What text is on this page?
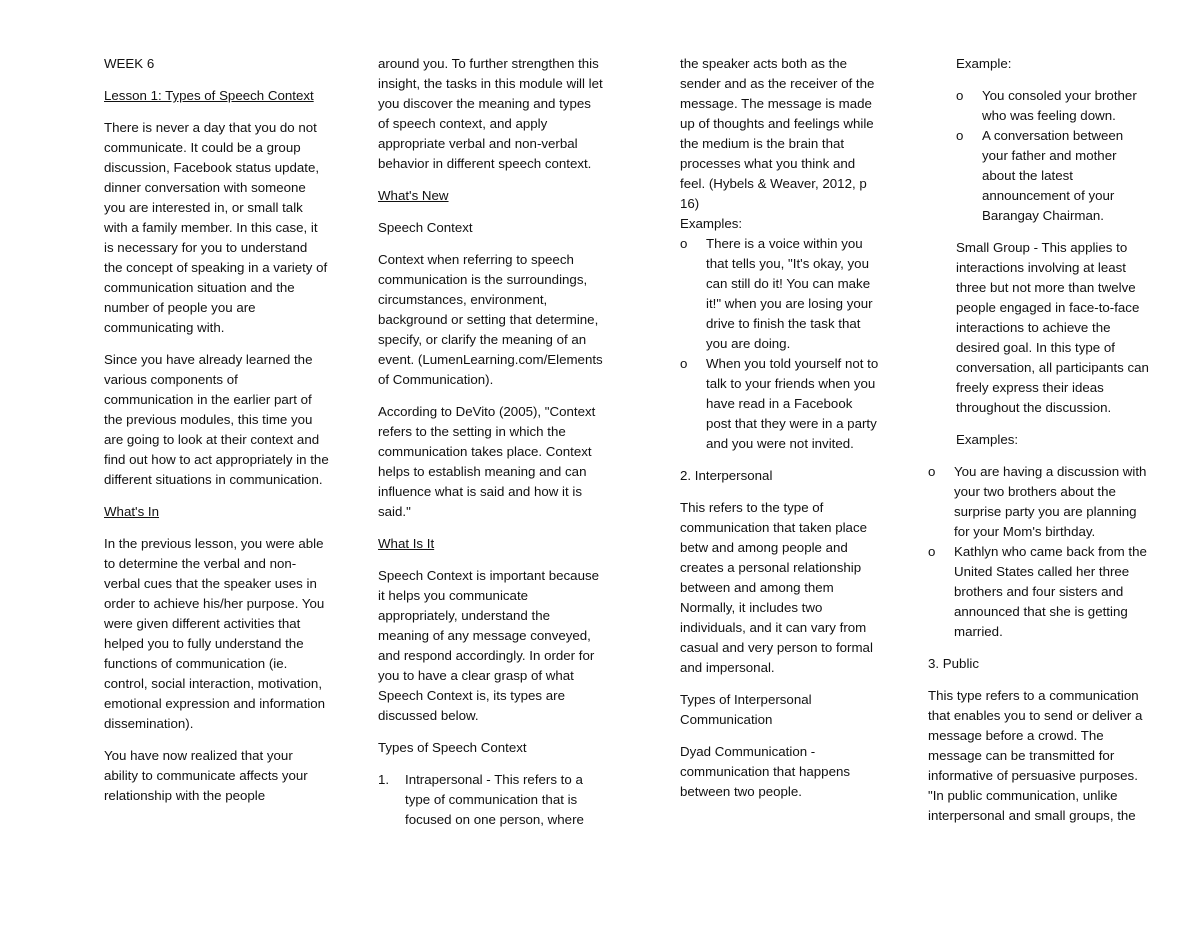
WEEK 6

Lesson 1: Types of Speech Context

There is never a day that you do not communicate. It could be a group discussion, Facebook status update, dinner conversation with someone you are interested in, or small talk with a family member. In this case, it is necessary for you to understand the concept of speaking in a variety of communication situation and the number of people you are communicating with.

Since you have already learned the various components of communication in the earlier part of the previous modules, this time you are going to look at their context and find out how to act appropriately in the different situations in communication.

What's In

In the previous lesson, you were able to determine the verbal and non-verbal cues that the speaker uses in order to achieve his/her purpose. You were given different activities that helped you to fully understand the functions of communication (ie. control, social interaction, motivation, emotional expression and information dissemination).

You have now realized that your ability to communicate affects your relationship with the people

around you. To further strengthen this insight, the tasks in this module will let you discover the meaning and types of speech context, and apply appropriate verbal and non-verbal behavior in different speech context.

What's New

Speech Context

Context when referring to speech communication is the surroundings, circumstances, environment, background or setting that determine, specify, or clarify the meaning of an event. (LumenLearning.com/Elements of Communication).

According to DeVito (2005), "Context refers to the setting in which the communication takes place. Context helps to establish meaning and can influence what is said and how it is said."

What Is It

Speech Context is important because it helps you communicate appropriately, understand the meaning of any message conveyed, and respond accordingly. In order for you to have a clear grasp of what Speech Context is, its types are discussed below.

Types of Speech Context

1. Intrapersonal - This refers to a type of communication that is focused on one person, where

the speaker acts both as the sender and as the receiver of the message. The message is made up of thoughts and feelings while the medium is the brain that processes what you think and feel. (Hybels & Weaver, 2012, p 16)

Examples:

o There is a voice within you that tells you, "It's okay, you can still do it! You can make it!" when you are losing your drive to finish the task that you are doing.
o When you told yourself not to talk to your friends when you have read in a Facebook post that they were in a party and you were not invited.

2. Interpersonal

This refers to the type of communication that taken place betw and among people and creates a personal relationship between and among them Normally, it includes two individuals, and it can vary from casual and very person to formal and impersonal.

Types of Interpersonal Communication

Dyad Communication - communication that happens between two people.

Example:

o You consoled your brother who was feeling down.
o A conversation between your father and mother about the latest announcement of your Barangay Chairman.

Small Group - This applies to interactions involving at least three but not more than twelve people engaged in face-to-face interactions to achieve the desired goal. In this type of conversation, all participants can freely express their ideas throughout the discussion.

Examples:

o You are having a discussion with your two brothers about the surprise party you are planning for your Mom's birthday.
o Kathlyn who came back from the United States called her three brothers and four sisters and announced that she is getting married.

3. Public

This type refers to a communication that enables you to send or deliver a message before a crowd. The message can be transmitted for informative of persuasive purposes. "In public communication, unlike interpersonal and small groups, the
